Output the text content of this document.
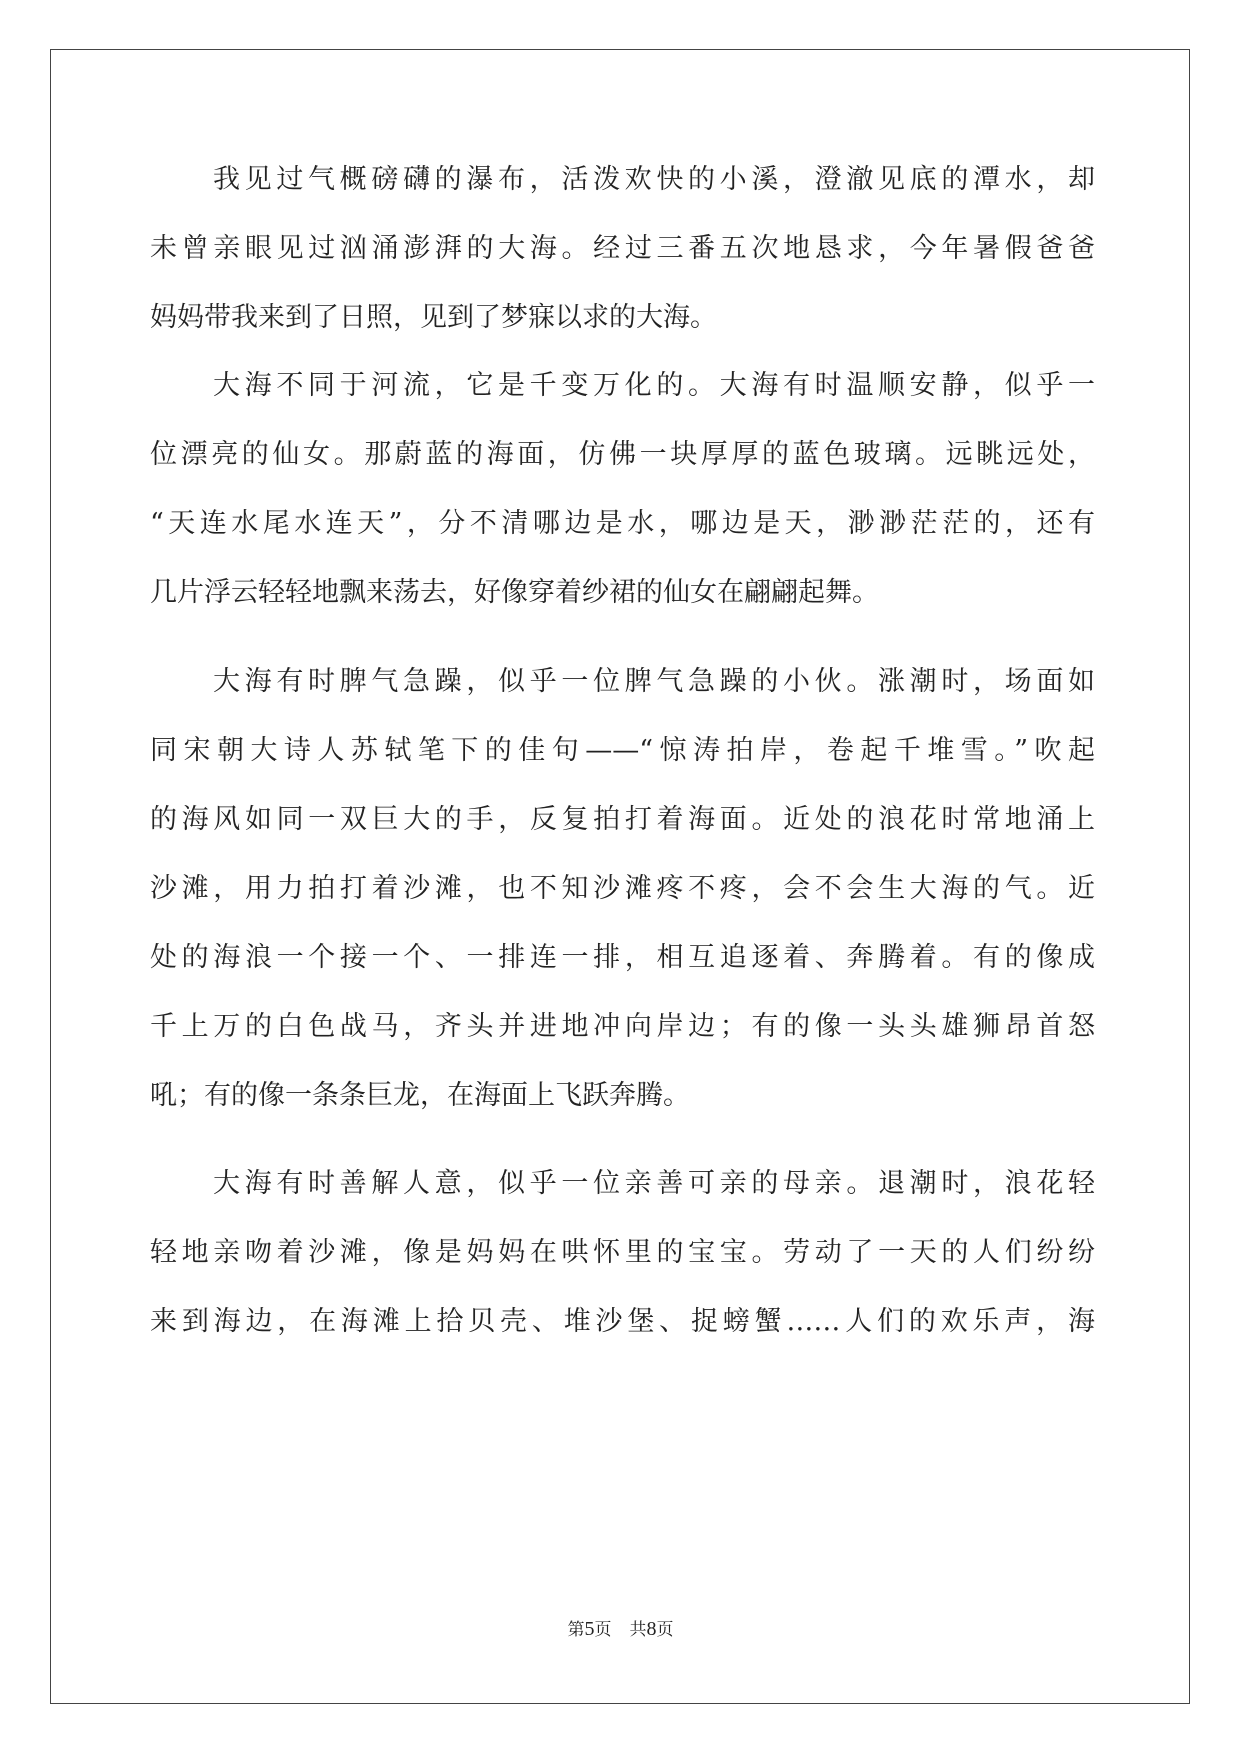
我见过气概磅礴的瀑布，活泼欢快的小溪，澄澈见底的潭水，却
未曾亲眼见过汹涌澎湃的大海。经过三番五次地恳求，今年暑假爸爸
妈妈带我来到了日照，见到了梦寐以求的大海。
大海不同于河流，它是千变万化的。大海有时温顺安静，似乎一
位漂亮的仙女。那蔚蓝的海面，仿佛一块厚厚的蓝色玻璃。远眺远处，
“天连水尾水连天”，分不清哪边是水，哪边是天，渺渺茫茫的，还有
几片浮云轻轻地飘来荡去，好像穿着纱裙的仙女在翩翩起舞。
大海有时脾气急躁，似乎一位脾气急躁的小伙。涨潮时，场面如
同宋朝大诗人苏轼笔下的佳句——“惊涛拍岸，卷起千堆雪。”吹起
的海风如同一双巨大的手，反复拍打着海面。近处的浪花时常地涌上
沙滩，用力拍打着沙滩，也不知沙滩疼不疼，会不会生大海的气。近
处的海浪一个接一个、一排连一排，相互追逐着、奔腾着。有的像成
千上万的白色战马，齐头并进地冲向岸边；有的像一头头雄狮昂首怒
吼；有的像一条条巨龙，在海面上飞跃奔腾。
大海有时善解人意，似乎一位亲善可亲的母亲。退潮时，浪花轻
轻地亲吻着沙滩，像是妈妈在哄怀里的宝宝。劳动了一天的人们纷纷
来到海边，在海滩上拾贝壳、堆沙堡、捉螃蟹……人们的欢乐声，海
第5页 共8页
